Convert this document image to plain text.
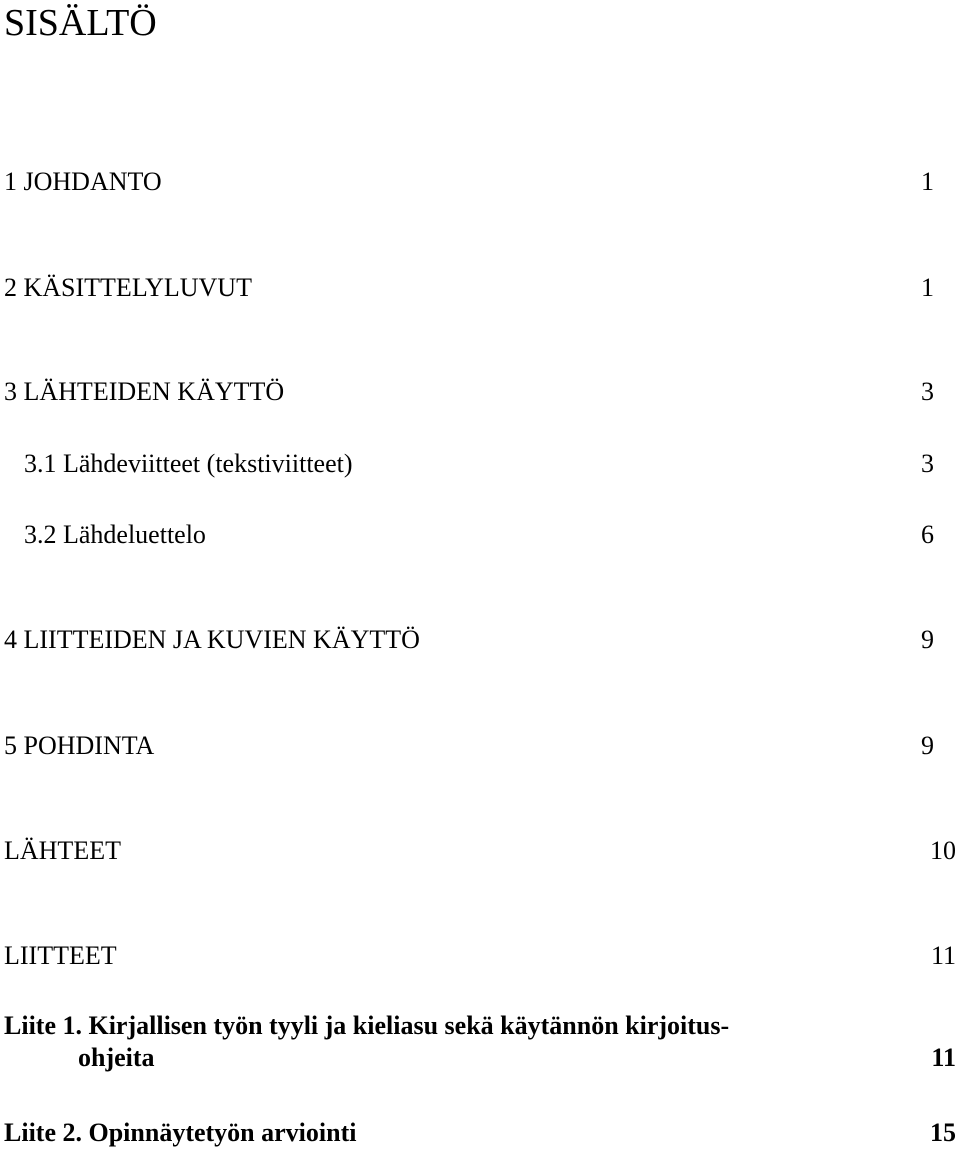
SISÄLTÖ
1 JOHDANTO	1
2 KÄSITTELYLUVUT	1
3 LÄHTEIDEN KÄYTTÖ	3
3.1 Lähdeviitteet (tekstiviitteet)	3
3.2 Lähdeluettelo	6
4 LIITTEIDEN JA KUVIEN KÄYTTÖ	9
5 POHDINTA	9
LÄHTEET	10
LIITTEET	11
Liite 1. Kirjallisen työn tyyli ja kieliasu sekä käytännön kirjoitus-
ohjeita	11
Liite 2. Opinnäytetyön arviointi	15
